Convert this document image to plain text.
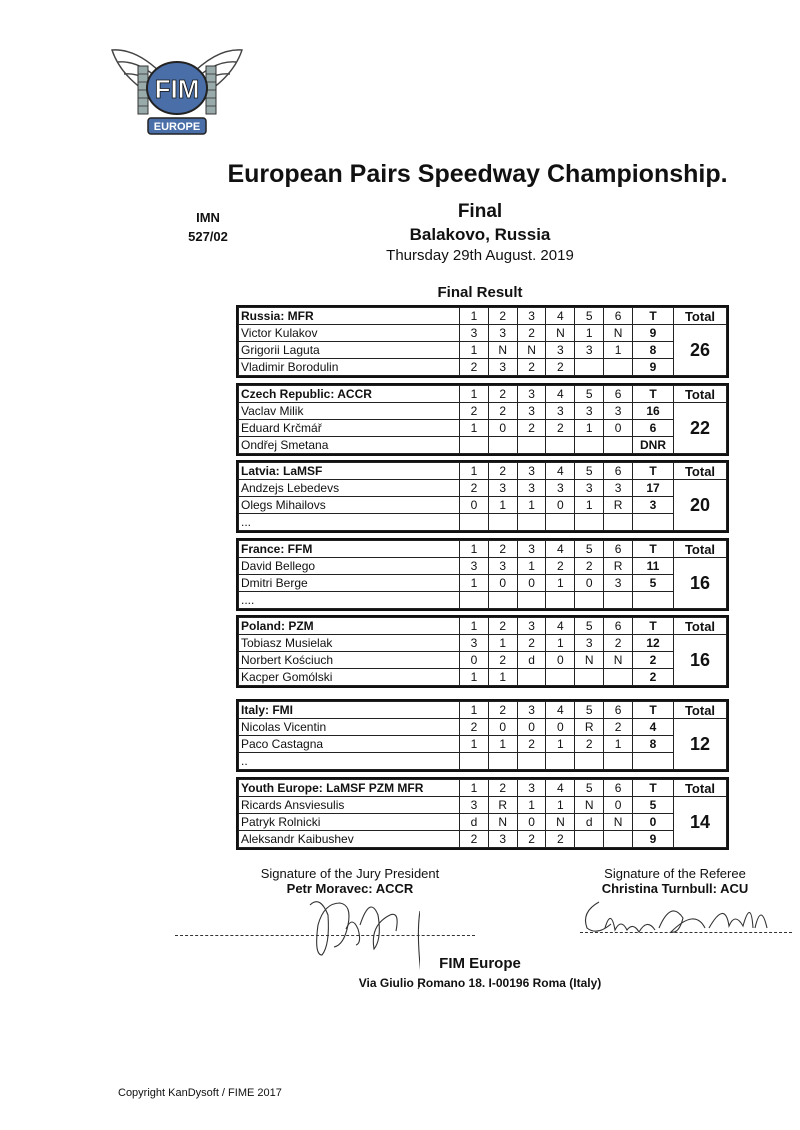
FIM
EUROPE
European Pairs Speedway Championship.
IMN
527/02
Final
Balakovo, Russia
Thursday 29th August. 2019
Final Result
Russia: MFR	1	2	3	4	5	6	T	Total
Victor Kulakov	3	3	2	N	1	N	9	26
Grigorii Laguta	1	N	N	3	3	1	8	
Vladimir Borodulin	2	3	2	2			9	
Czech Republic: ACCR	1	2	3	4	5	6	T	Total
Vaclav Milik	2	2	3	3	3	3	16	22
Eduard Krčmář	1	0	2	2	1	0	6	
Ondřej Smetana							DNR	
Latvia: LaMSF	1	2	3	4	5	6	T	Total
Andzejs Lebedevs	2	3	3	3	3	3	17	20
Olegs Mihailovs	0	1	1	0	1	R	3	
...								
France: FFM	1	2	3	4	5	6	T	Total
David Bellego	3	3	1	2	2	R	11	16
Dmitri Berge	1	0	0	1	0	3	5	
....								
Poland: PZM	1	2	3	4	5	6	T	Total
Tobiasz Musielak	3	1	2	1	3	2	12	16
Norbert Kościuch	0	2	d	0	N	N	2	
Kacper Gomólski	1	1					2	
Italy: FMI	1	2	3	4	5	6	T	Total
Nicolas Vicentin	2	0	0	0	R	2	4	12
Paco Castagna	1	1	2	1	2	1	8	
..								
Youth Europe: LaMSF PZM MFR	1	2	3	4	5	6	T	Total
Ricards Ansviesulis	3	R	1	1	N	0	5	14
Patryk Rolnicki	d	N	0	N	d	N	0	
Aleksandr Kaibushev	2	3	2	2			9	
Signature of the Jury President
Petr Moravec: ACCR
Signature of the Referee
Christina Turnbull: ACU
FIM Europe
Via Giulio Romano 18. I-00196 Roma (Italy)
Copyright KanDysoft / FIME 2017
